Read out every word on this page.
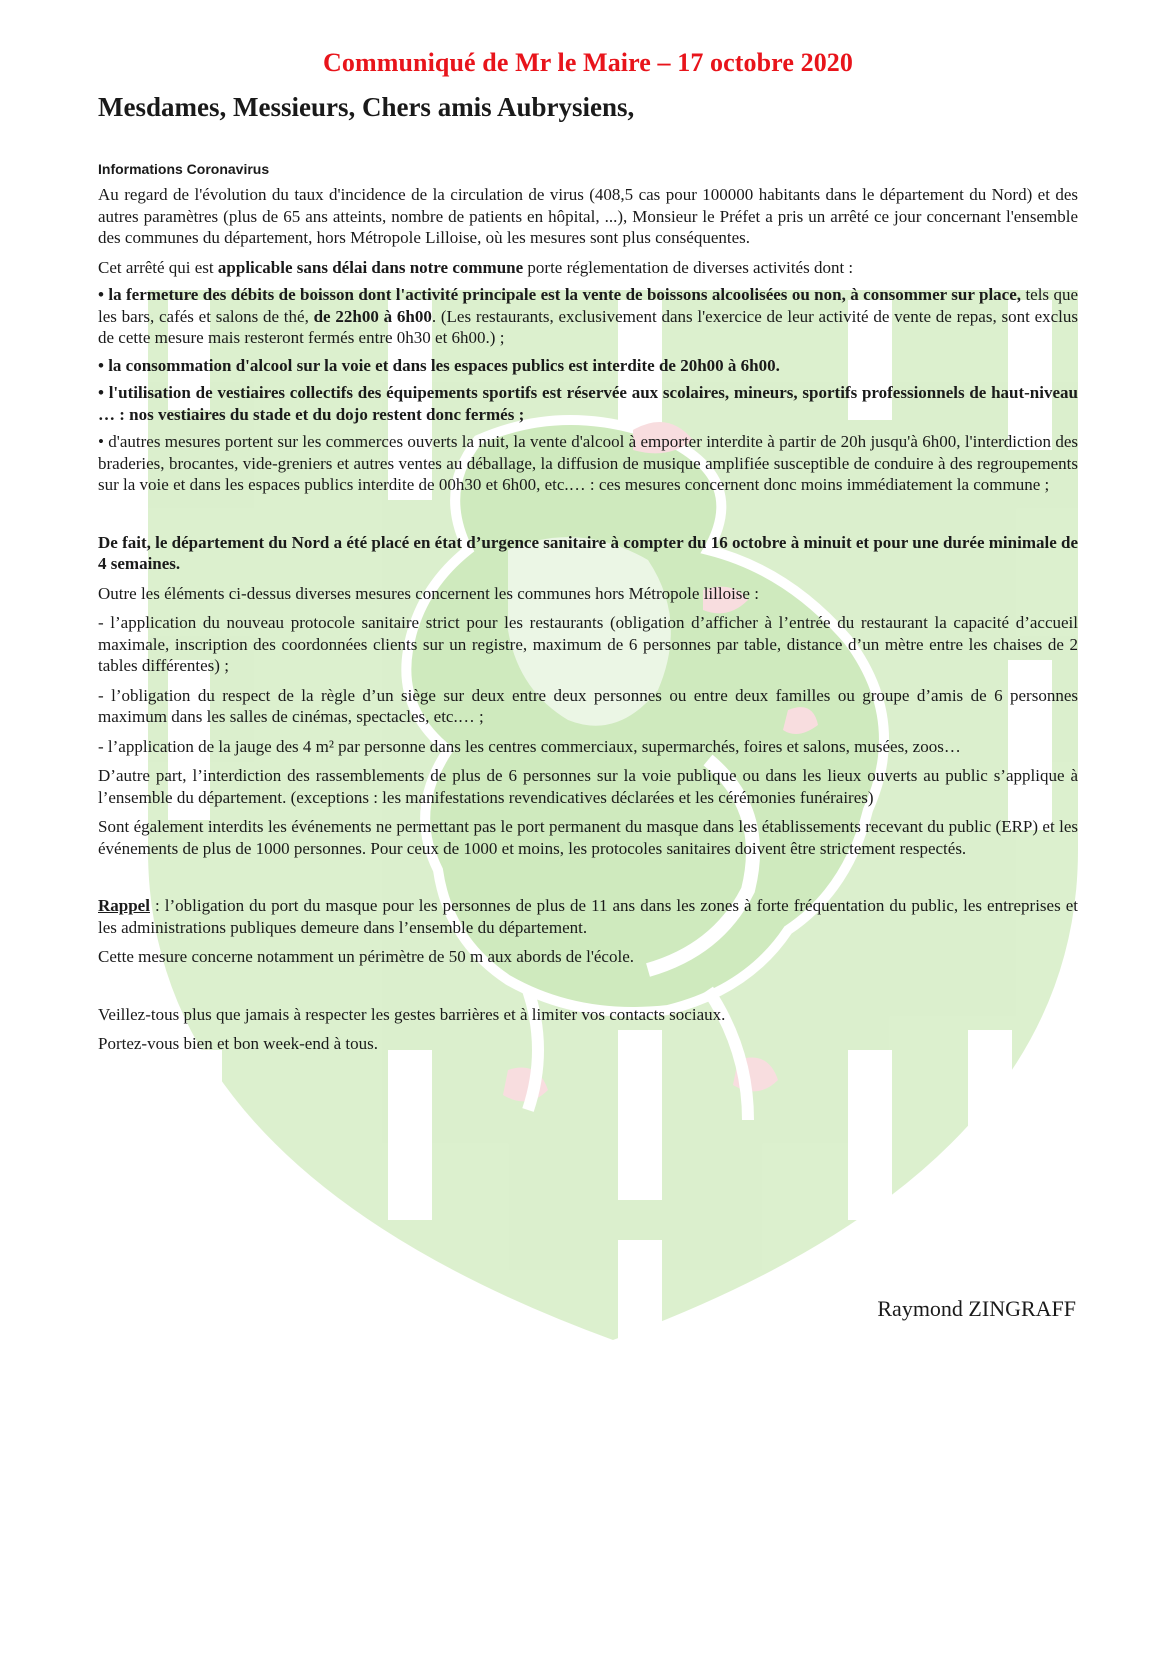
Communiqué de Mr le Maire – 17 octobre 2020
Mesdames, Messieurs, Chers amis Aubrysiens,
Informations Coronavirus

Au regard de l'évolution du taux d'incidence de la circulation de virus (408,5 cas pour 100000 habitants dans le département du Nord) et des autres paramètres (plus de 65 ans atteints, nombre de patients en hôpital, ...), Monsieur le Préfet a pris un arrêté ce jour concernant l'ensemble des communes du département, hors Métropole Lilloise, où les mesures sont plus conséquentes.

Cet arrêté qui est applicable sans délai dans notre commune porte réglementation de diverses activités dont :

• la fermeture des débits de boisson dont l'activité principale est la vente de boissons alcoolisées ou non, à consommer sur place, tels que les bars, cafés et salons de thé, de 22h00 à 6h00. (Les restaurants, exclusivement dans l'exercice de leur activité de vente de repas, sont exclus de cette mesure mais resteront fermés entre 0h30 et 6h00.) ;

• la consommation d'alcool sur la voie et dans les espaces publics est interdite de 20h00 à 6h00.

• l'utilisation de vestiaires collectifs des équipements sportifs est réservée aux scolaires, mineurs, sportifs professionnels de haut-niveau … : nos vestiaires du stade et du dojo restent donc fermés ;

• d'autres mesures portent sur les commerces ouverts la nuit, la vente d'alcool à emporter interdite à partir de 20h jusqu'à 6h00, l'interdiction des braderies, brocantes, vide-greniers et autres ventes au déballage, la diffusion de musique amplifiée susceptible de conduire à des regroupements sur la voie et dans les espaces publics interdite de 00h30 et 6h00, etc.… : ces mesures concernent donc moins immédiatement la commune ;

De fait, le département du Nord a été placé en état d’urgence sanitaire à compter du 16 octobre à minuit et pour une durée minimale de 4 semaines.

Outre les éléments ci-dessus diverses mesures concernent les communes hors Métropole lilloise :

- l’application du nouveau protocole sanitaire strict pour les restaurants (obligation d’afficher à l’entrée du restaurant la capacité d’accueil maximale, inscription des coordonnées clients sur un registre, maximum de 6 personnes par table, distance d’un mètre entre les chaises de 2 tables différentes) ;

- l’obligation du respect de la règle d’un siège sur deux entre deux personnes ou entre deux familles ou groupe d’amis de 6 personnes maximum dans les salles de cinémas, spectacles, etc.… ;

- l’application de la jauge des 4 m² par personne dans les centres commerciaux, supermarchés, foires et salons, musées, zoos…

D’autre part, l’interdiction des rassemblements de plus de 6 personnes sur la voie publique ou dans les lieux ouverts au public s’applique à l’ensemble du département. (exceptions : les manifestations revendicatives déclarées et les cérémonies funéraires)

Sont également interdits les événements ne permettant pas le port permanent du masque dans les établissements recevant du public (ERP) et les événements de plus de 1000 personnes. Pour ceux de 1000 et moins, les protocoles sanitaires doivent être strictement respectés.

Rappel : l’obligation du port du masque pour les personnes de plus de 11 ans dans les zones à forte fréquentation du public, les entreprises et les administrations publiques demeure dans l’ensemble du département.

Cette mesure concerne notamment un périmètre de 50 m aux abords de l'école.

Veillez-tous plus que jamais à respecter les gestes barrières et à limiter vos contacts sociaux.

Portez-vous bien et bon week-end à tous.

Raymond ZINGRAFF
